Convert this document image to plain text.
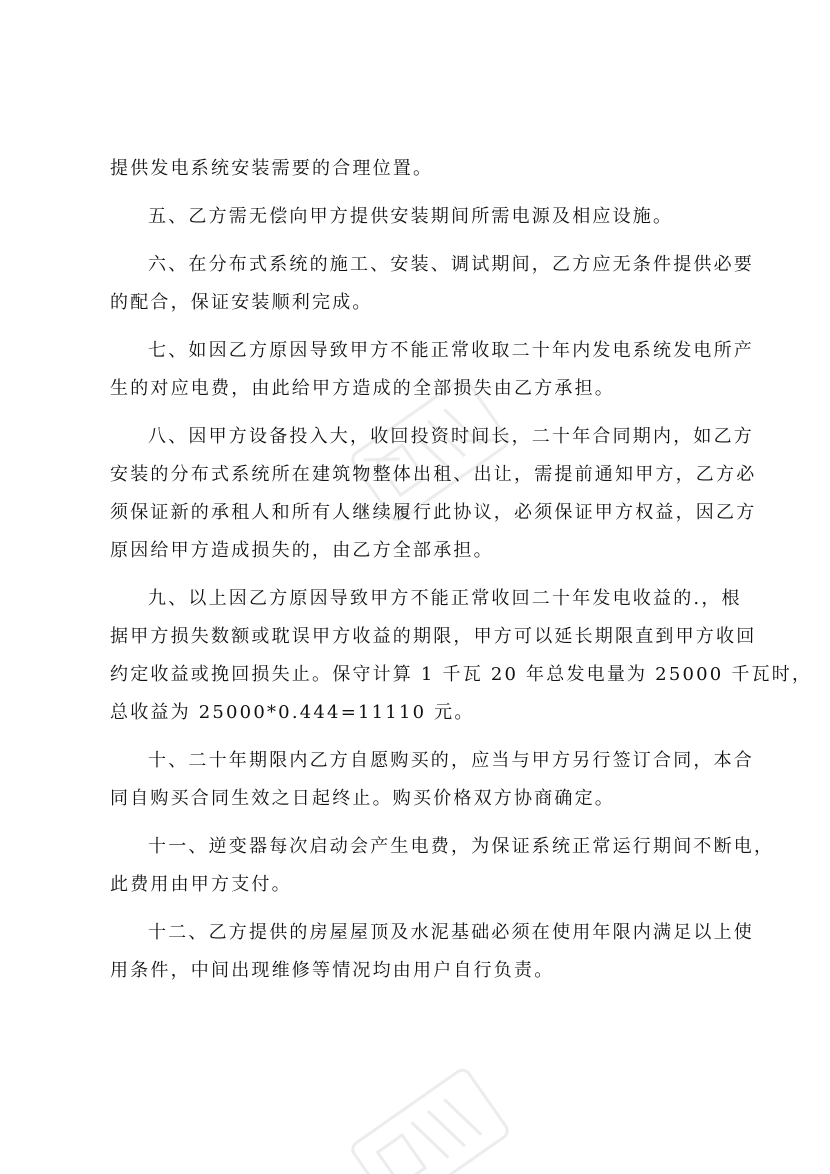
提供发电系统安装需要的合理位置。
五、乙方需无偿向甲方提供安装期间所需电源及相应设施。
六、在分布式系统的施工、安装、调试期间，乙方应无条件提供必要
的配合，保证安装顺利完成。
七、如因乙方原因导致甲方不能正常收取二十年内发电系统发电所产
生的对应电费，由此给甲方造成的全部损失由乙方承担。
八、因甲方设备投入大，收回投资时间长，二十年合同期内，如乙方
安装的分布式系统所在建筑物整体出租、出让，需提前通知甲方，乙方必
须保证新的承租人和所有人继续履行此协议，必须保证甲方权益，因乙方
原因给甲方造成损失的，由乙方全部承担。
九、以上因乙方原因导致甲方不能正常收回二十年发电收益的.，根
据甲方损失数额或耽误甲方收益的期限，甲方可以延长期限直到甲方收回
约定收益或挽回损失止。保守计算 1 千瓦 20 年总发电量为 25000 千瓦时，
总收益为 25000*0.444=11110 元。
十、二十年期限内乙方自愿购买的，应当与甲方另行签订合同，本合
同自购买合同生效之日起终止。购买价格双方协商确定。
十一、逆变器每次启动会产生电费，为保证系统正常运行期间不断电，
此费用由甲方支付。
十二、乙方提供的房屋屋顶及水泥基础必须在使用年限内满足以上使
用条件，中间出现维修等情况均由用户自行负责。
